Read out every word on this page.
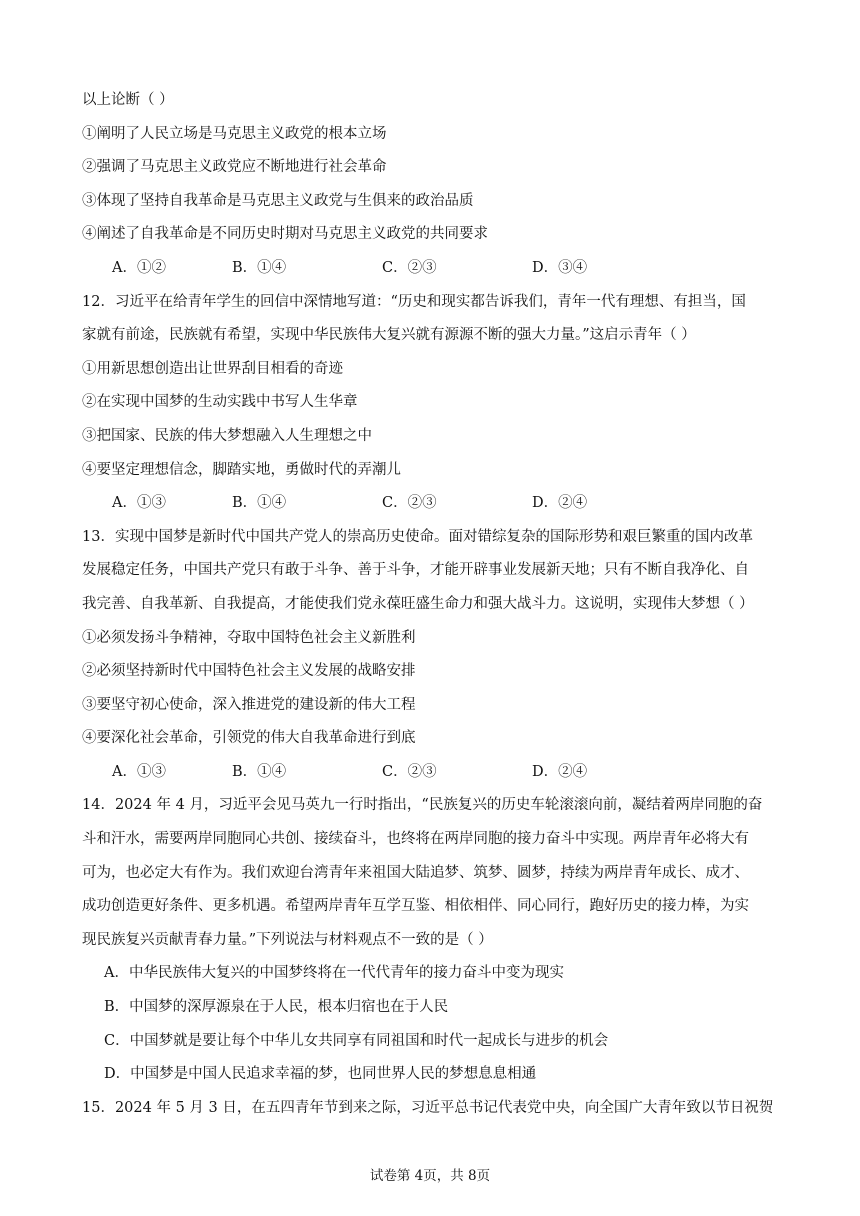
以上论断（ ）
①阐明了人民立场是马克思主义政党的根本立场
②强调了马克思主义政党应不断地进行社会革命
③体现了坚持自我革命是马克思主义政党与生俱来的政治品质
④阐述了自我革命是不同历史时期对马克思主义政党的共同要求
A．①②	B．①④	C．②③	D．③④
12．习近平在给青年学生的回信中深情地写道：“历史和现实都告诉我们，青年一代有理想、有担当，国
家就有前途，民族就有希望，实现中华民族伟大复兴就有源源不断的强大力量。”这启示青年（ ）
①用新思想创造出让世界刮目相看的奇迹
②在实现中国梦的生动实践中书写人生华章
③把国家、民族的伟大梦想融入人生理想之中
④要坚定理想信念，脚踏实地，勇做时代的弄潮儿
A．①③	B．①④	C．②③	D．②④
13．实现中国梦是新时代中国共产党人的崇高历史使命。面对错综复杂的国际形势和艰巨繁重的国内改革
发展稳定任务，中国共产党只有敢于斗争、善于斗争，才能开辟事业发展新天地；只有不断自我净化、自
我完善、自我革新、自我提高，才能使我们党永葆旺盛生命力和强大战斗力。这说明，实现伟大梦想（ ）
①必须发扬斗争精神，夺取中国特色社会主义新胜利
②必须坚持新时代中国特色社会主义发展的战略安排
③要坚守初心使命，深入推进党的建设新的伟大工程
④要深化社会革命，引领党的伟大自我革命进行到底
A．①③	B．①④	C．②③	D．②④
14．2024 年 4 月，习近平会见马英九一行时指出，“民族复兴的历史车轮滚滚向前，凝结着两岸同胞的奋
斗和汗水，需要两岸同胞同心共创、接续奋斗，也终将在两岸同胞的接力奋斗中实现。两岸青年必将大有
可为，也必定大有作为。我们欢迎台湾青年来祖国大陆追梦、筑梦、圆梦，持续为两岸青年成长、成才、
成功创造更好条件、更多机遇。希望两岸青年互学互鉴、相依相伴、同心同行，跑好历史的接力棒，为实
现民族复兴贡献青春力量。”下列说法与材料观点不一致的是（ ）
A．中华民族伟大复兴的中国梦终将在一代代青年的接力奋斗中变为现实
B．中国梦的深厚源泉在于人民，根本归宿也在于人民
C．中国梦就是要让每个中华儿女共同享有同祖国和时代一起成长与进步的机会
D．中国梦是中国人民追求幸福的梦，也同世界人民的梦想息息相通
15．2024 年 5 月 3 日，在五四青年节到来之际，习近平总书记代表党中央，向全国广大青年致以节日祝贺
试卷第 4页，共 8页
